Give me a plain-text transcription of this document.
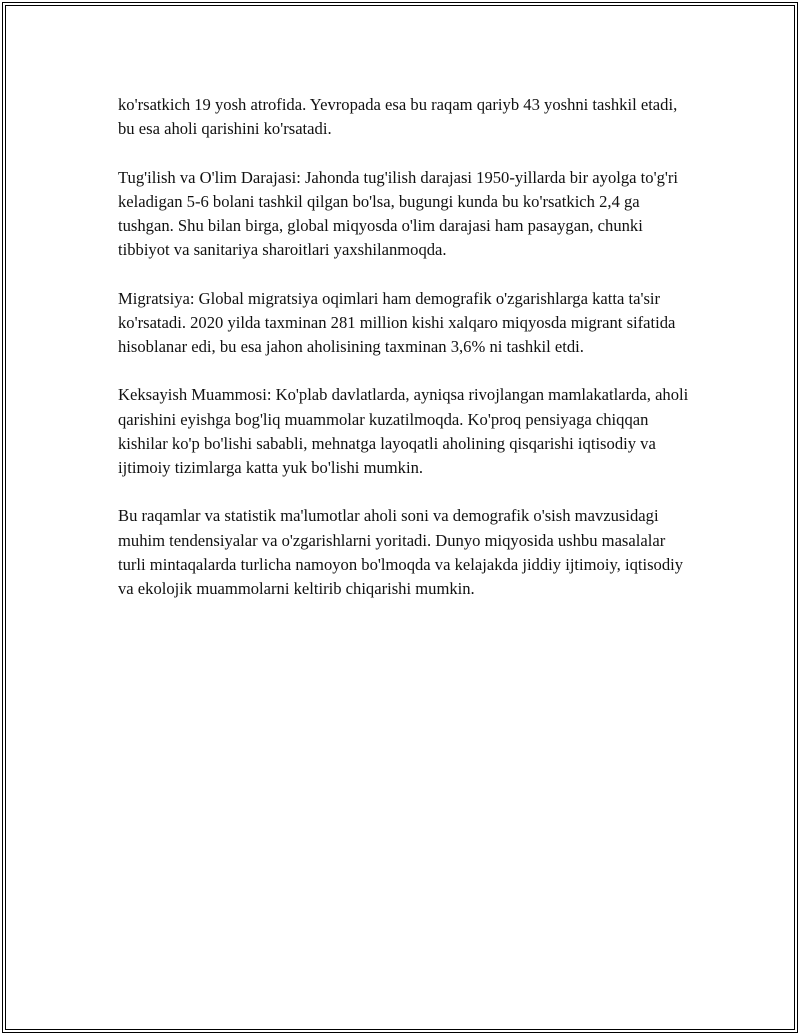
ko'rsatkich 19 yosh atrofida. Yevropada esa bu raqam qariyb 43 yoshni tashkil etadi, bu esa aholi qarishini ko'rsatadi.

Tug'ilish va O'lim Darajasi: Jahonda tug'ilish darajasi 1950-yillarda bir ayolga to'g'ri keladigan 5-6 bolani tashkil qilgan bo'lsa, bugungi kunda bu ko'rsatkich 2,4 ga tushgan. Shu bilan birga, global miqyosda o'lim darajasi ham pasaygan, chunki tibbiyot va sanitariya sharoitlari yaxshilanmoqda.

Migratsiya: Global migratsiya oqimlari ham demografik o'zgarishlarga katta ta'sir ko'rsatadi. 2020 yilda taxminan 281 million kishi xalqaro miqyosda migrant sifatida hisoblanar edi, bu esa jahon aholisining taxminan 3,6% ni tashkil etdi.

Keksayish Muammosi: Ko'plab davlatlarda, ayniqsa rivojlangan mamlakatlarda, aholi qarishini eyishga bog'liq muammolar kuzatilmoqda. Ko'proq pensiyaga chiqqan kishilar ko'p bo'lishi sababli, mehnatga layoqatli aholining qisqarishi iqtisodiy va ijtimoiy tizimlarga katta yuk bo'lishi mumkin.

Bu raqamlar va statistik ma'lumotlar aholi soni va demografik o'sish mavzusidagi muhim tendensiyalar va o'zgarishlarni yoritadi. Dunyo miqyosida ushbu masalalar turli mintaqalarda turlicha namoyon bo'lmoqda va kelajakda jiddiy ijtimoiy, iqtisodiy va ekolojik muammolarni keltirib chiqarishi mumkin.
